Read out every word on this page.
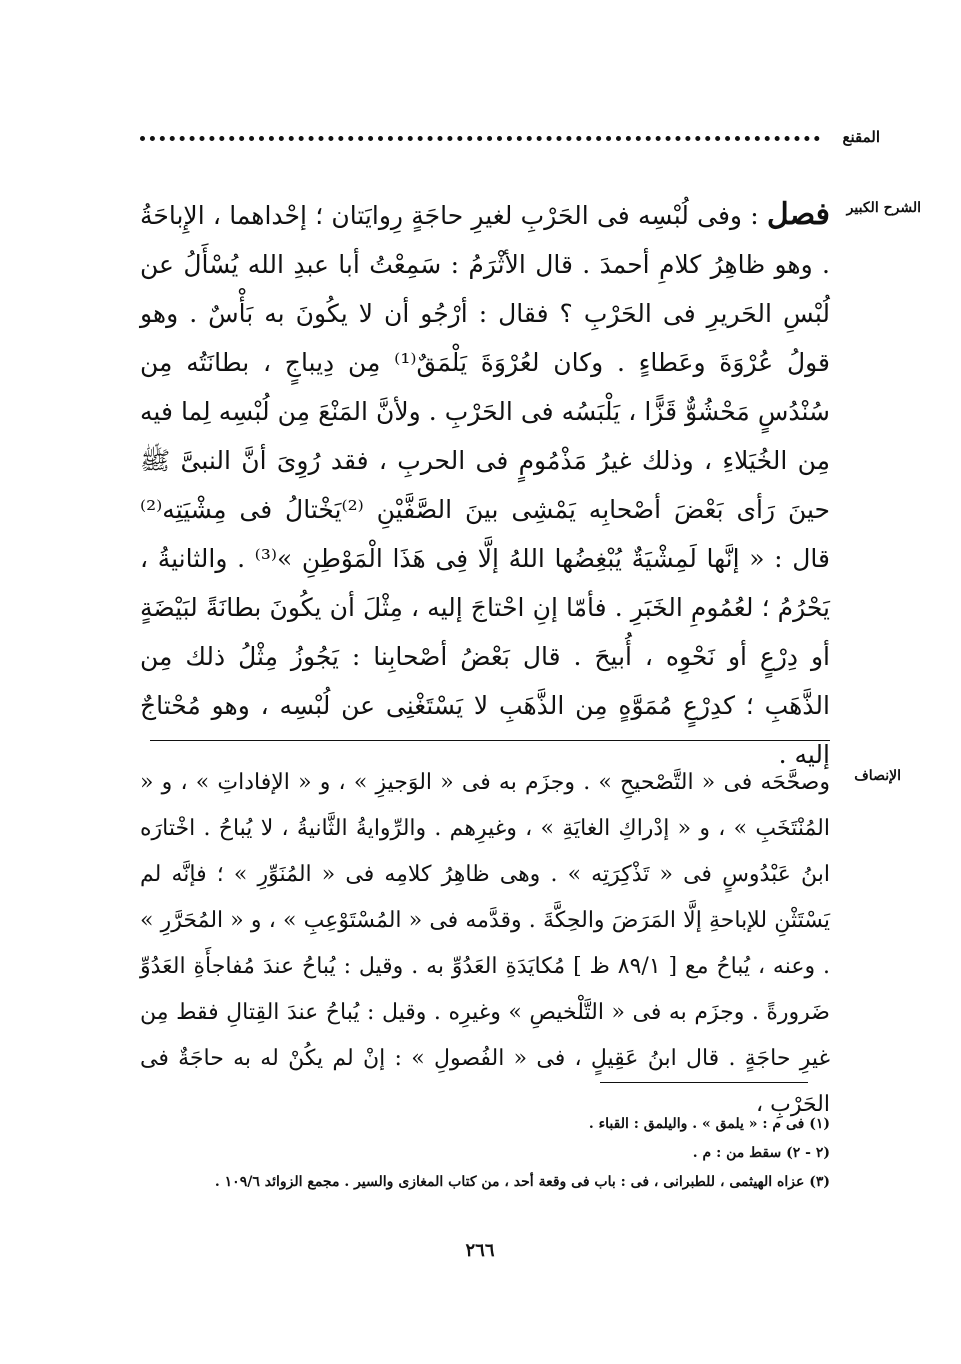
المقنع
الشرح الكبير

فصل : وفى لُبْسِه فى الحَرْبِ لغيرِ حاجَةٍ رِوايَتان ؛ إحْداهما ، الإِباحَةُ . وهو ظاهِرُ كلامِ أحمدَ . قال الأثْرَمُ : سَمِعْتُ أبا عبدِ الله يُسْأَلُ عن لُبْسِ الحَريرِ فى الحَرْبِ ؟ فقال : أرْجُو أن لا يكُونَ به بَأْسٌ . وهو قولُ عُرْوَةَ وعَطاءٍ . وكان لعُرْوَةَ يَلْمَقٌ⁽¹⁾ مِن دِيباجٍ ، بطانَتُه مِن سُنْدُسٍ مَحْشُوٌّ قَزًّا ، يَلْبَسُه فى الحَرْبِ . ولأنَّ المَنْعَ مِن لُبْسِه لِما فيه مِن الخُيَلاءِ ، وذلك غيرُ مَذْمُومٍ فى الحربِ ، فقد رُوِىَ أنَّ النبىَّ ﷺ حينَ رَأى بَعْضَ أصْحابِه يَمْشِى بينَ الصَّفَّيْنِ ⁽²⁾يَخْتالُ فى مِشْيَتِه⁽²⁾ قال : « إنَّها لَمِشْيَةٌ يُبْغِضُها اللهُ إلَّا فِى هَذَا الْمَوْطِنِ »⁽³⁾ . والثانيةُ ، يَحْرُمُ ؛ لعُمُومِ الخَبَرِ . فأمّا إنِ احْتاجَ إليه ، مِثْلَ أن يكُونَ بطانَةً لبَيْضَةٍ أو دِرْعٍ أو نَحْوِه ، أُبيحَ . قال بَعْضُ أصْحابِنا : يَجُوزُ مِثْلُ ذلك مِن الذَّهَبِ ؛ كدِرْعٍ مُمَوَّهٍ مِن الذَّهَبِ لا يَسْتَغْنِى عن لُبْسِه ، وهو مُحْتاجٌ إليه .

الإنصاف

وصحَّحَه فى « التَّصْحيحِ » . وجزَم به فى « الوَجيزِ » ، و « الإفاداتِ » ، و « المُنْتَخَبِ » ، و « إدْراكِ الغايَةِ » ، وغيرِهم . والرِّوايةُ الثَّانيةُ ، لا يُباحُ . اخْتارَه ابنُ عَبْدُوسٍ فى « تَذْكِرَتِه » . وهى ظاهِرُ كلامِه فى « المُنَوِّرِ » ؛ فإنَّه لم يَسْتَثْنِ للإباحةِ إلَّا المَرَضَ والحِكَّةَ . وقدَّمه فى « المُسْتَوْعِبِ » ، و « المُحَرَّرِ » . وعنه ، يُباحُ مع [ ٨٩/١ ظ ] مُكايَدَةِ العَدُوِّ به . وقيل : يُباحُ عندَ مُفاجأَةِ العَدُوِّ ضَرورةً . وجزَم به فى « التَّلْخيصِ » وغيرِه . وقيل : يُباحُ عندَ القِتالِ فقط مِن غيرِ حاجَةٍ . قال ابنُ عَقِيلٍ ، فى « الفُصولِ » : إنْ لم يكُنْ له به حاجَةٌ فى الحَرْبِ ،

(١) فى م : « يلمق » . واليلمق : القباء .

(٢ - ٢) سقط من : م .

(٣) عزاه الهيثمى ، للطبرانى ، فى : باب فى وقعة أحد ، من كتاب المغازى والسير . مجمع الزوائد ١٠٩/٦ .

٢٦٦
